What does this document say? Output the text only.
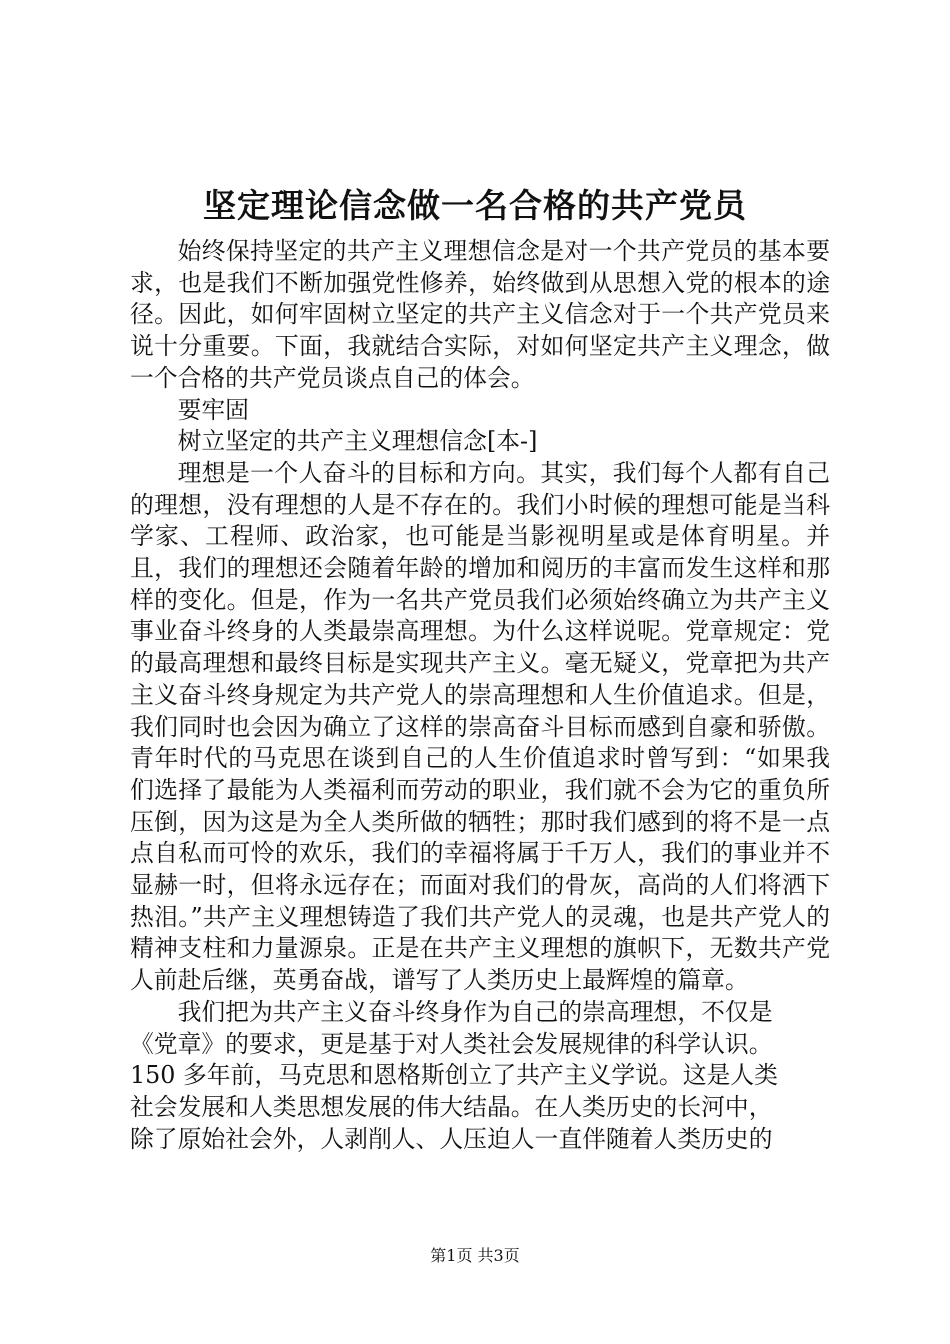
坚定理论信念做一名合格的共产党员

始终保持坚定的共产主义理想信念是对一个共产党员的基本要求，也是我们不断加强党性修养，始终做到从思想入党的根本的途径。因此，如何牢固树立坚定的共产主义信念对于一个共产党员来说十分重要。下面，我就结合实际，对如何坚定共产主义理念，做一个合格的共产党员谈点自己的体会。

要牢固

树立坚定的共产主义理想信念[本-]

理想是一个人奋斗的目标和方向。其实，我们每个人都有自己的理想，没有理想的人是不存在的。我们小时候的理想可能是当科学家、工程师、政治家，也可能是当影视明星或是体育明星。并且，我们的理想还会随着年龄的增加和阅历的丰富而发生这样和那样的变化。但是，作为一名共产党员我们必须始终确立为共产主义事业奋斗终身的人类最崇高理想。为什么这样说呢。党章规定：党的最高理想和最终目标是实现共产主义。毫无疑义，党章把为共产主义奋斗终身规定为共产党人的崇高理想和人生价值追求。但是，我们同时也会因为确立了这样的崇高奋斗目标而感到自豪和骄傲。青年时代的马克思在谈到自己的人生价值追求时曾写到：“如果我们选择了最能为人类福利而劳动的职业，我们就不会为它的重负所压倒，因为这是为全人类所做的牺牲；那时我们感到的将不是一点点自私而可怜的欢乐，我们的幸福将属于千万人，我们的事业并不显赫一时，但将永远存在；而面对我们的骨灰，高尚的人们将洒下热泪。”共产主义理想铸造了我们共产党人的灵魂，也是共产党人的精神支柱和力量源泉。正是在共产主义理想的旗帜下，无数共产党人前赴后继，英勇奋战，谱写了人类历史上最辉煌的篇章。

我们把为共产主义奋斗终身作为自己的崇高理想，不仅是
《党章》的要求，更是基于对人类社会发展规律的科学认识。
150 多年前，马克思和恩格斯创立了共产主义学说。这是人类
社会发展和人类思想发展的伟大结晶。在人类历史的长河中，
除了原始社会外，人剥削人、人压迫人一直伴随着人类历史的

第1页 共3页
